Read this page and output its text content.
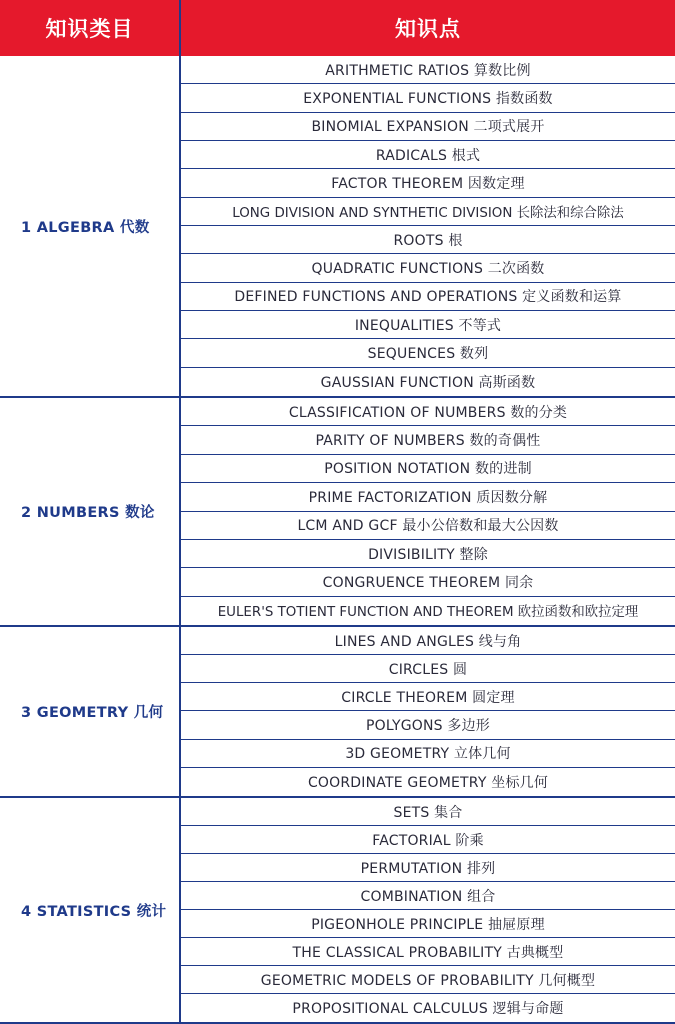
知识类目	知识点
1 ALGEBRA 代数
ARITHMETIC RATIOS 算数比例
EXPONENTIAL FUNCTIONS 指数函数
BINOMIAL EXPANSION 二项式展开
RADICALS 根式
FACTOR THEOREM 因数定理
LONG DIVISION AND SYNTHETIC DIVISION 长除法和综合除法
ROOTS 根
QUADRATIC FUNCTIONS 二次函数
DEFINED FUNCTIONS AND OPERATIONS 定义函数和运算
INEQUALITIES 不等式
SEQUENCES 数列
GAUSSIAN FUNCTION 高斯函数
2 NUMBERS 数论
CLASSIFICATION OF NUMBERS 数的分类
PARITY OF NUMBERS 数的奇偶性
POSITION NOTATION 数的进制
PRIME FACTORIZATION 质因数分解
LCM AND GCF 最小公倍数和最大公因数
DIVISIBILITY 整除
CONGRUENCE THEOREM 同余
EULER'S TOTIENT FUNCTION AND THEOREM 欧拉函数和欧拉定理
3 GEOMETRY 几何
LINES AND ANGLES 线与角
CIRCLES 圆
CIRCLE THEOREM 圆定理
POLYGONS 多边形
3D GEOMETRY 立体几何
COORDINATE GEOMETRY 坐标几何
4 STATISTICS 统计
SETS 集合
FACTORIAL 阶乘
PERMUTATION 排列
COMBINATION 组合
PIGEONHOLE PRINCIPLE 抽屉原理
THE CLASSICAL PROBABILITY 古典概型
GEOMETRIC MODELS OF PROBABILITY 几何概型
PROPOSITIONAL CALCULUS 逻辑与命题
